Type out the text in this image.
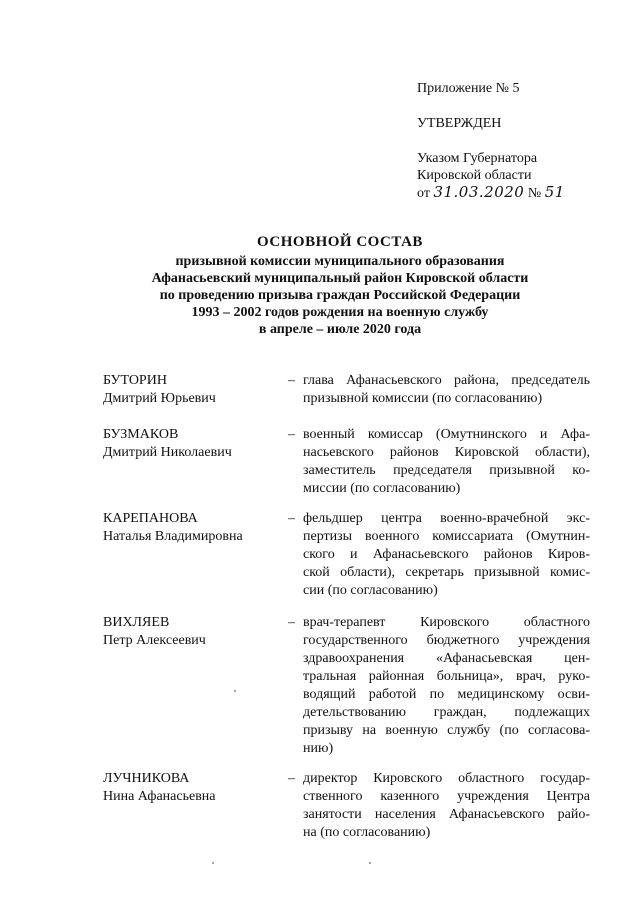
Приложение № 5
УТВЕРЖДЕН
Указом Губернатора
Кировской области
от 31.03.2020 № 51
ОСНОВНОЙ СОСТАВ
призывной комиссии муниципального образования
Афанасьевский муниципальный район Кировской области
по проведению призыва граждан Российской Федерации
1993 – 2002 годов рождения на военную службу
в апреле – июле 2020 года
БУТОРИН
Дмитрий Юрьевич
– глава Афанасьевского района, председатель
призывной комиссии (по согласованию)
БУЗМАКОВ
Дмитрий Николаевич
– военный комиссар (Омутнинского и Афа-
насьевского районов Кировской области),
заместитель председателя призывной ко-
миссии (по согласованию)
КАРЕПАНОВА
Наталья Владимировна
– фельдшер центра военно-врачебной экс-
пертизы военного комиссариата (Омутнин-
ского и Афанасьевского районов Киров-
ской области), секретарь призывной комис-
сии (по согласованию)
ВИХЛЯЕВ
Петр Алексеевич
– врач-терапевт Кировского областного
государственного бюджетного учреждения
здравоохранения «Афанасьевская цен-
тральная районная больница», врач, руко-
водящий работой по медицинскому осви-
детельствованию граждан, подлежащих
призыву на военную службу (по согласова-
нию)
ЛУЧНИКОВА
Нина Афанасьевна
– директор Кировского областного государ-
ственного казенного учреждения Центра
занятости населения Афанасьевского райо-
на (по согласованию)
